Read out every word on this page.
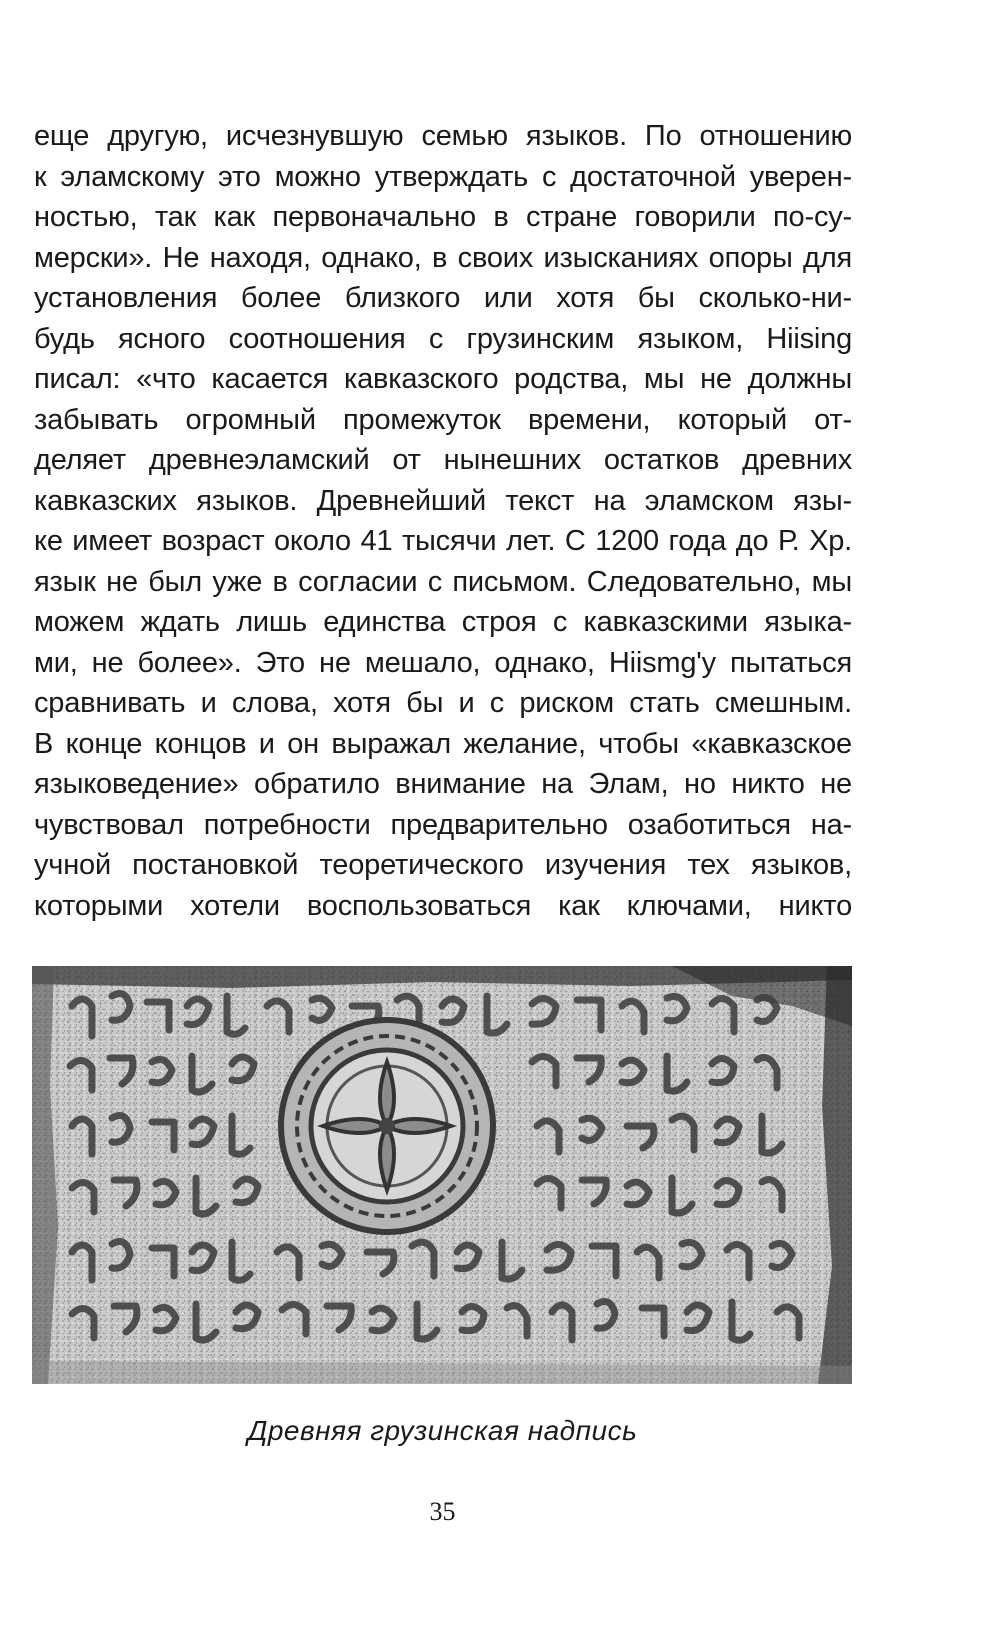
еще другую, исчезнувшую семью языков. По отношению
к эламскому это можно утверждать с достаточной уверен-
ностью, так как первоначально в стране говорили по-су-
мерски». Не находя, однако, в своих изысканиях опоры для
установления более близкого или хотя бы сколько-ни-
будь ясного соотношения с грузинским языком, Hiising
писал: «что касается кавказского родства, мы не должны
забывать огромный промежуток времени, который от-
деляет древнеэламский от нынешних остатков древних
кавказских языков. Древнейший текст на эламском язы-
ке имеет возраст около 41 тысячи лет. С 1200 года до Р. Хр.
язык не был уже в согласии с письмом. Следовательно, мы
можем ждать лишь единства строя с кавказскими языка-
ми, не более». Это не мешало, однако, Hiismg'у пытаться
сравнивать и слова, хотя бы и с риском стать смешным.
В конце концов и он выражал желание, чтобы «кавказское
языковедение» обратило внимание на Элам, но никто не
чувствовал потребности предварительно озаботиться на-
учной постановкой теоретического изучения тех языков,
которыми хотели воспользоваться как ключами, никто
Древняя грузинская надпись
35
